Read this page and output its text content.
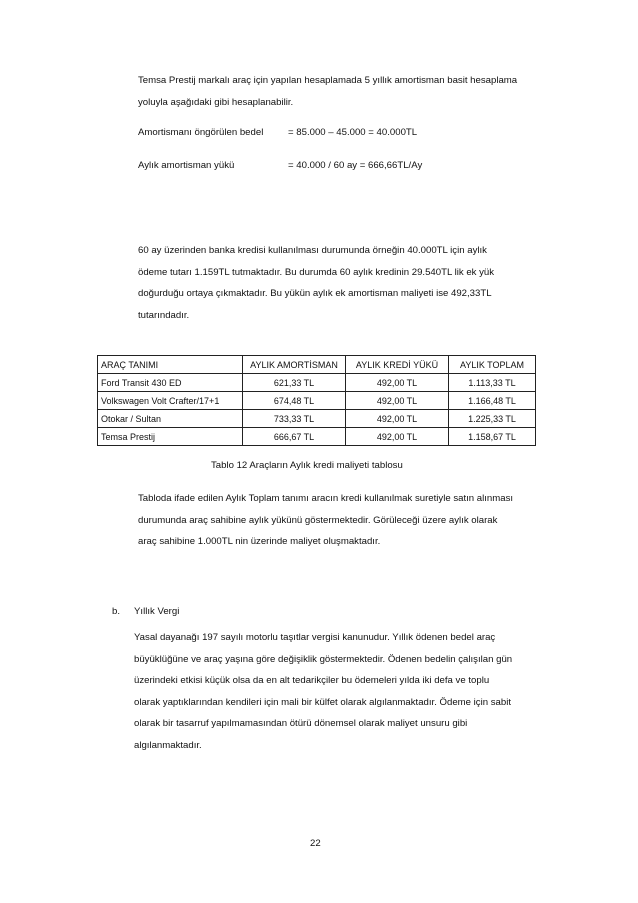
Temsa Prestij markalı araç için yapılan hesaplamada 5 yıllık amortisman basit hesaplama
yoluyla aşağıdaki gibi hesaplanabilir.

Amortismanı öngörülen bedel	= 85.000 – 45.000 = 40.000TL
Aylık amortisman yükü	= 40.000 / 60 ay = 666,66TL/Ay

60 ay üzerinden banka kredisi kullanılması durumunda örneğin 40.000TL için aylık
ödeme tutarı 1.159TL tutmaktadır. Bu durumda 60 aylık kredinin 29.540TL lik ek yük
doğurduğu ortaya çıkmaktadır. Bu yükün aylık ek amortisman maliyeti ise 492,33TL
tutarındadır.

ARAÇ TANIMI	AYLIK AMORTİSMAN	AYLIK KREDİ YÜKÜ	AYLIK TOPLAM
Ford Transit 430 ED	621,33 TL	492,00 TL	1.113,33 TL
Volkswagen Volt Crafter/17+1	674,48 TL	492,00 TL	1.166,48 TL
Otokar / Sultan	733,33 TL	492,00 TL	1.225,33 TL
Temsa Prestij	666,67 TL	492,00 TL	1.158,67 TL
Tablo 12 Araçların Aylık kredi maliyeti tablosu

Tabloda ifade edilen Aylık Toplam tanımı aracın kredi kullanılmak suretiyle satın alınması
durumunda araç sahibine aylık yükünü göstermektedir. Görüleceği üzere aylık olarak
araç sahibine 1.000TL nin üzerinde maliyet oluşmaktadır.

b. Yıllık Vergi

Yasal dayanağı 197 sayılı motorlu taşıtlar vergisi kanunudur. Yıllık ödenen bedel araç
büyüklüğüne ve araç yaşına göre değişiklik göstermektedir. Ödenen bedelin çalışılan gün
üzerindeki etkisi küçük olsa da en alt tedarikçiler bu ödemeleri yılda iki defa ve toplu
olarak yaptıklarından kendileri için mali bir külfet olarak algılanmaktadır. Ödeme için sabit
olarak bir tasarruf yapılmamasından ötürü dönemsel olarak maliyet unsuru gibi
algılanmaktadır.

22
